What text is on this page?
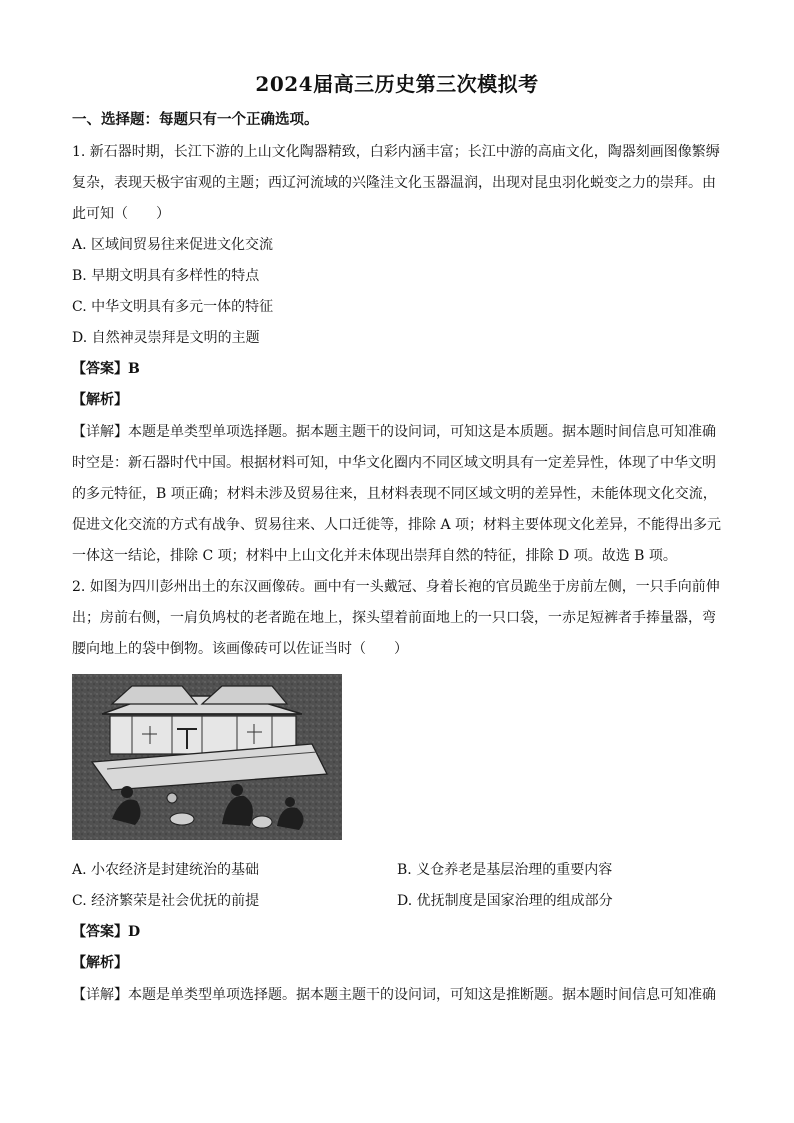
2024届高三历史第三次模拟考
一、选择题：每题只有一个正确选项。
1. 新石器时期，长江下游的上山文化陶器精致，白彩内涵丰富；长江中游的高庙文化，陶器刻画图像繁缛
复杂，表现天极宇宙观的主题；西辽河流域的兴隆洼文化玉器温润，出现对昆虫羽化蜕变之力的崇拜。由
此可知（　　）
A. 区域间贸易往来促进文化交流
B. 早期文明具有多样性的特点
C. 中华文明具有多元一体的特征
D. 自然神灵崇拜是文明的主题
【答案】B
【解析】
【详解】本题是单类型单项选择题。据本题主题干的设问词，可知这是本质题。据本题时间信息可知准确
时空是：新石器时代中国。根据材料可知，中华文化圈内不同区域文明具有一定差异性，体现了中华文明
的多元特征，B 项正确；材料未涉及贸易往来，且材料表现不同区域文明的差异性，未能体现文化交流，
促进文化交流的方式有战争、贸易往来、人口迁徙等，排除 A 项；材料主要体现文化差异，不能得出多元
一体这一结论，排除 C 项；材料中上山文化并未体现出崇拜自然的特征，排除 D 项。故选 B 项。
2. 如图为四川彭州出土的东汉画像砖。画中有一头戴冠、身着长袍的官员跪坐于房前左侧，一只手向前伸
出；房前右侧，一肩负鸠杖的老者跪在地上，探头望着前面地上的一只口袋，一赤足短裤者手捧量器，弯
腰向地上的袋中倒物。该画像砖可以佐证当时（　　）
A. 小农经济是封建统治的基础	B. 义仓养老是基层治理的重要内容
C. 经济繁荣是社会优抚的前提	D. 优抚制度是国家治理的组成部分
【答案】D
【解析】
【详解】本题是单类型单项选择题。据本题主题干的设问词，可知这是推断题。据本题时间信息可知准确
